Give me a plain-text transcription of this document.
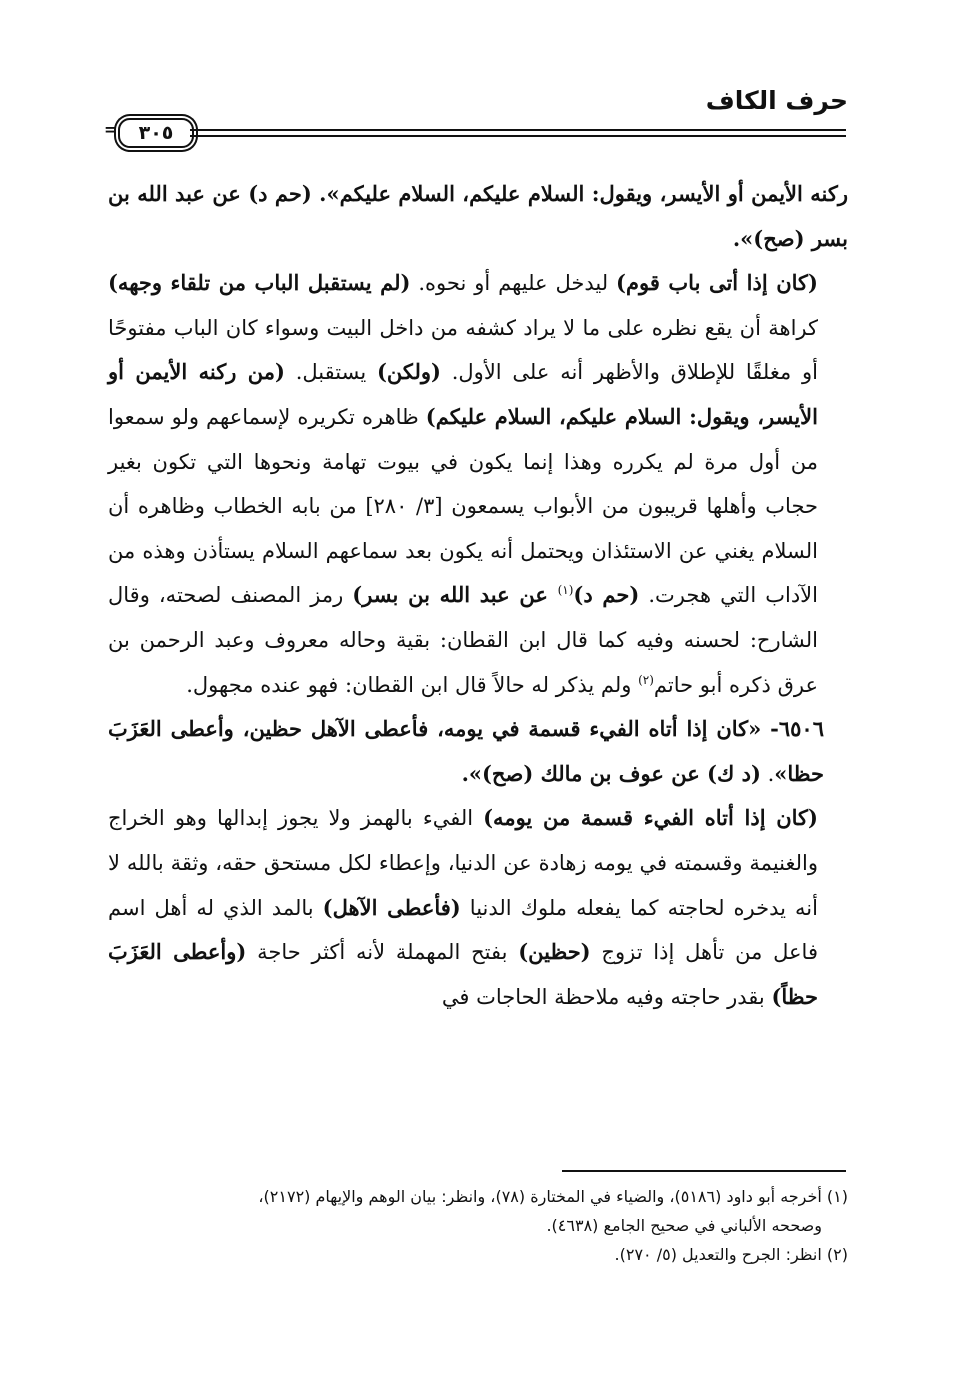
حرف الكاف
=	٣٠٥

ركنه الأيمن أو الأيسر، ويقول: السلام عليكم، السلام عليكم». (حم د) عن عبد الله بن بسر (صح)».

(كان إذا أتى باب قوم) ليدخل عليهم أو نحوه. (لم يستقبل الباب من تلقاء وجهه) كراهة أن يقع نظره على ما لا يراد كشفه من داخل البيت وسواء كان الباب مفتوحًا أو مغلقًا للإطلاق والأظهر أنه على الأول. (ولكن) يستقبل. (من ركنه الأيمن أو الأيسر، ويقول: السلام عليكم، السلام عليكم) ظاهره تكريره لإسماعهم ولو سمعوا من أول مرة لم يكرره وهذا إنما يكون في بيوت تهامة ونحوها التي تكون بغير حجاب وأهلها قريبون من الأبواب يسمعون [٣/ ٢٨٠] من بابه الخطاب وظاهره أن السلام يغني عن الاستئذان ويحتمل أنه يكون بعد سماعهم السلام يستأذن وهذه من الآداب التي هجرت. (حم د)$^{(١)}$ عن عبد الله بن بسر) رمز المصنف لصحته، وقال الشارح: لحسنه وفيه كما قال ابن القطان: بقية وحاله معروف وعبد الرحمن بن عرق ذكره أبو حاتم$^{(٢)}$ ولم يذكر له حالاً قال ابن القطان: فهو عنده مجهول.

٦٥٠٦- «كان إذا أتاه الفيء قسمة في يومه، فأعطى الآهل حظين، وأعطى العَزَبَ حظا». (د ك) عن عوف بن مالك (صح)».

(كان إذا أتاه الفيء قسمة من يومه) الفيء بالهمز ولا يجوز إبدالها وهو الخراج والغنيمة وقسمته في يومه زهادة عن الدنيا، وإعطاء لكل مستحق حقه، وثقة بالله لا أنه يدخره لحاجته كما يفعله ملوك الدنيا (فأعطى الآهل) بالمد الذي له أهل اسم فاعل من تأهل إذا تزوج (حظين) بفتح المهملة لأنه أكثر حاجة (وأعطى العَزَبَ حظاً) بقدر حاجته وفيه ملاحظة الحاجات في

(١) أخرجه أبو داود (٥١٨٦)، والضياء في المختارة (٧٨)، وانظر: بيان الوهم والإيهام (٢١٧٢)،

وصححه الألباني في صحيح الجامع (٤٦٣٨).

(٢) انظر: الجرح والتعديل (٥/ ٢٧٠).
